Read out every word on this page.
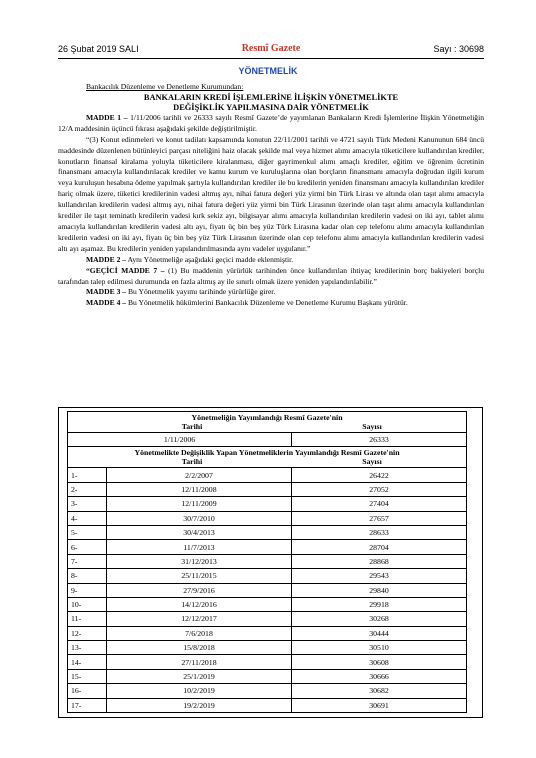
26 Şubat 2019 SALI	Resmî Gazete	Sayı : 30698
YÖNETMELİK

Bankacılık Düzenleme ve Denetleme Kurumundan:

BANKALARIN KREDİ İŞLEMLERİNE İLİŞKİN YÖNETMELİKTE

DEĞİŞİKLİK YAPILMASINA DAİR YÖNETMELİK

MADDE 1 – 1/11/2006 tarihli ve 26333 sayılı Resmî Gazete’de yayımlanan Bankaların Kredi İşlemlerine İlişkin Yönetmeliğin 12/A maddesinin üçüncü fıkrası aşağıdaki şekilde değiştirilmiştir.

“(3) Konut edinmeleri ve konut tadilatı kapsamında konutun 22/11/2001 tarihli ve 4721 sayılı Türk Medeni Kanununun 684 üncü maddesinde düzenlenen bütünleyici parçası niteliğini haiz olacak şekilde mal veya hizmet alımı amacıyla tüketicilere kullandırılan krediler, konutların finansal kiralama yoluyla tüketicilere kiralanması, diğer gayrimenkul alımı amaçlı krediler, eğitim ve öğrenim ücretinin finansmanı amacıyla kullandırılacak krediler ve kamu kurum ve kuruluşlarına olan borçların finansmanı amacıyla doğrudan ilgili kurum veya kuruluşun hesabına ödeme yapılmak şartıyla kullandırılan krediler ile bu kredilerin yeniden finansmanı amacıyla kullandırılan krediler hariç olmak üzere, tüketici kredilerinin vadesi altmış ayı, nihai fatura değeri yüz yirmi bin Türk Lirası ve altında olan taşıt alımı amacıyla kullandırılan kredilerin vadesi altmış ayı, nihai fatura değeri yüz yirmi bin Türk Lirasının üzerinde olan taşıt alımı amacıyla kullandırılan krediler ile taşıt teminatlı kredilerin vadesi kırk sekiz ayı, bilgisayar alımı amacıyla kullandırılan kredilerin vadesi on iki ayı, tablet alımı amacıyla kullandırılan kredilerin vadesi altı ayı, fiyatı üç bin beş yüz Türk Lirasına kadar olan cep telefonu alımı amacıyla kullandırılan kredilerin vadesi on iki ayı, fiyatı üç bin beş yüz Türk Lirasının üzerinde olan cep telefonu alımı amacıyla kullandırılan kredilerin vadesi altı ayı aşamaz. Bu kredilerin yeniden yapılandırılmasında aynı vadeler uygulanır.”

MADDE 2 – Aynı Yönetmeliğe aşağıdaki geçici madde eklenmiştir.

“GEÇİCİ MADDE 7 – (1) Bu maddenin yürürlük tarihinden önce kullandırılan ihtiyaç kredilerinin borç bakiyeleri borçlu tarafından talep edilmesi durumunda en fazla altmış ay ile sınırlı olmak üzere yeniden yapılandırılabilir.”

MADDE 3 – Bu Yönetmelik yayımı tarihinde yürürlüğe girer.

MADDE 4 – Bu Yönetmelik hükümlerini Bankacılık Düzenleme ve Denetleme Kurumu Başkanı yürütür.

Yönetmeliğin Yayımlandığı Resmî Gazete'nin
Tarihi Sayısı		

1/11/2006		26333

Yönetmelikte Değişiklik Yapan Yönetmeliklerin Yayımlandığı Resmî Gazete'nin
Tarihi Sayısı		

1-	2/2/2007	26422
2-	12/11/2008	27052
3-	12/11/2009	27404
4-	30/7/2010	27657
5-	30/4/2013	28633
6-	11/7/2013	28704
7-	31/12/2013	28868
8-	25/11/2015	29543
9-	27/9/2016	29840
10-	14/12/2016	29918
11-	12/12/2017	30268
12-	7/6/2018	30444
13-	15/8/2018	30510
14-	27/11/2018	30608
15-	25/1/2019	30666
16-	10/2/2019	30682
17-	19/2/2019	30691
